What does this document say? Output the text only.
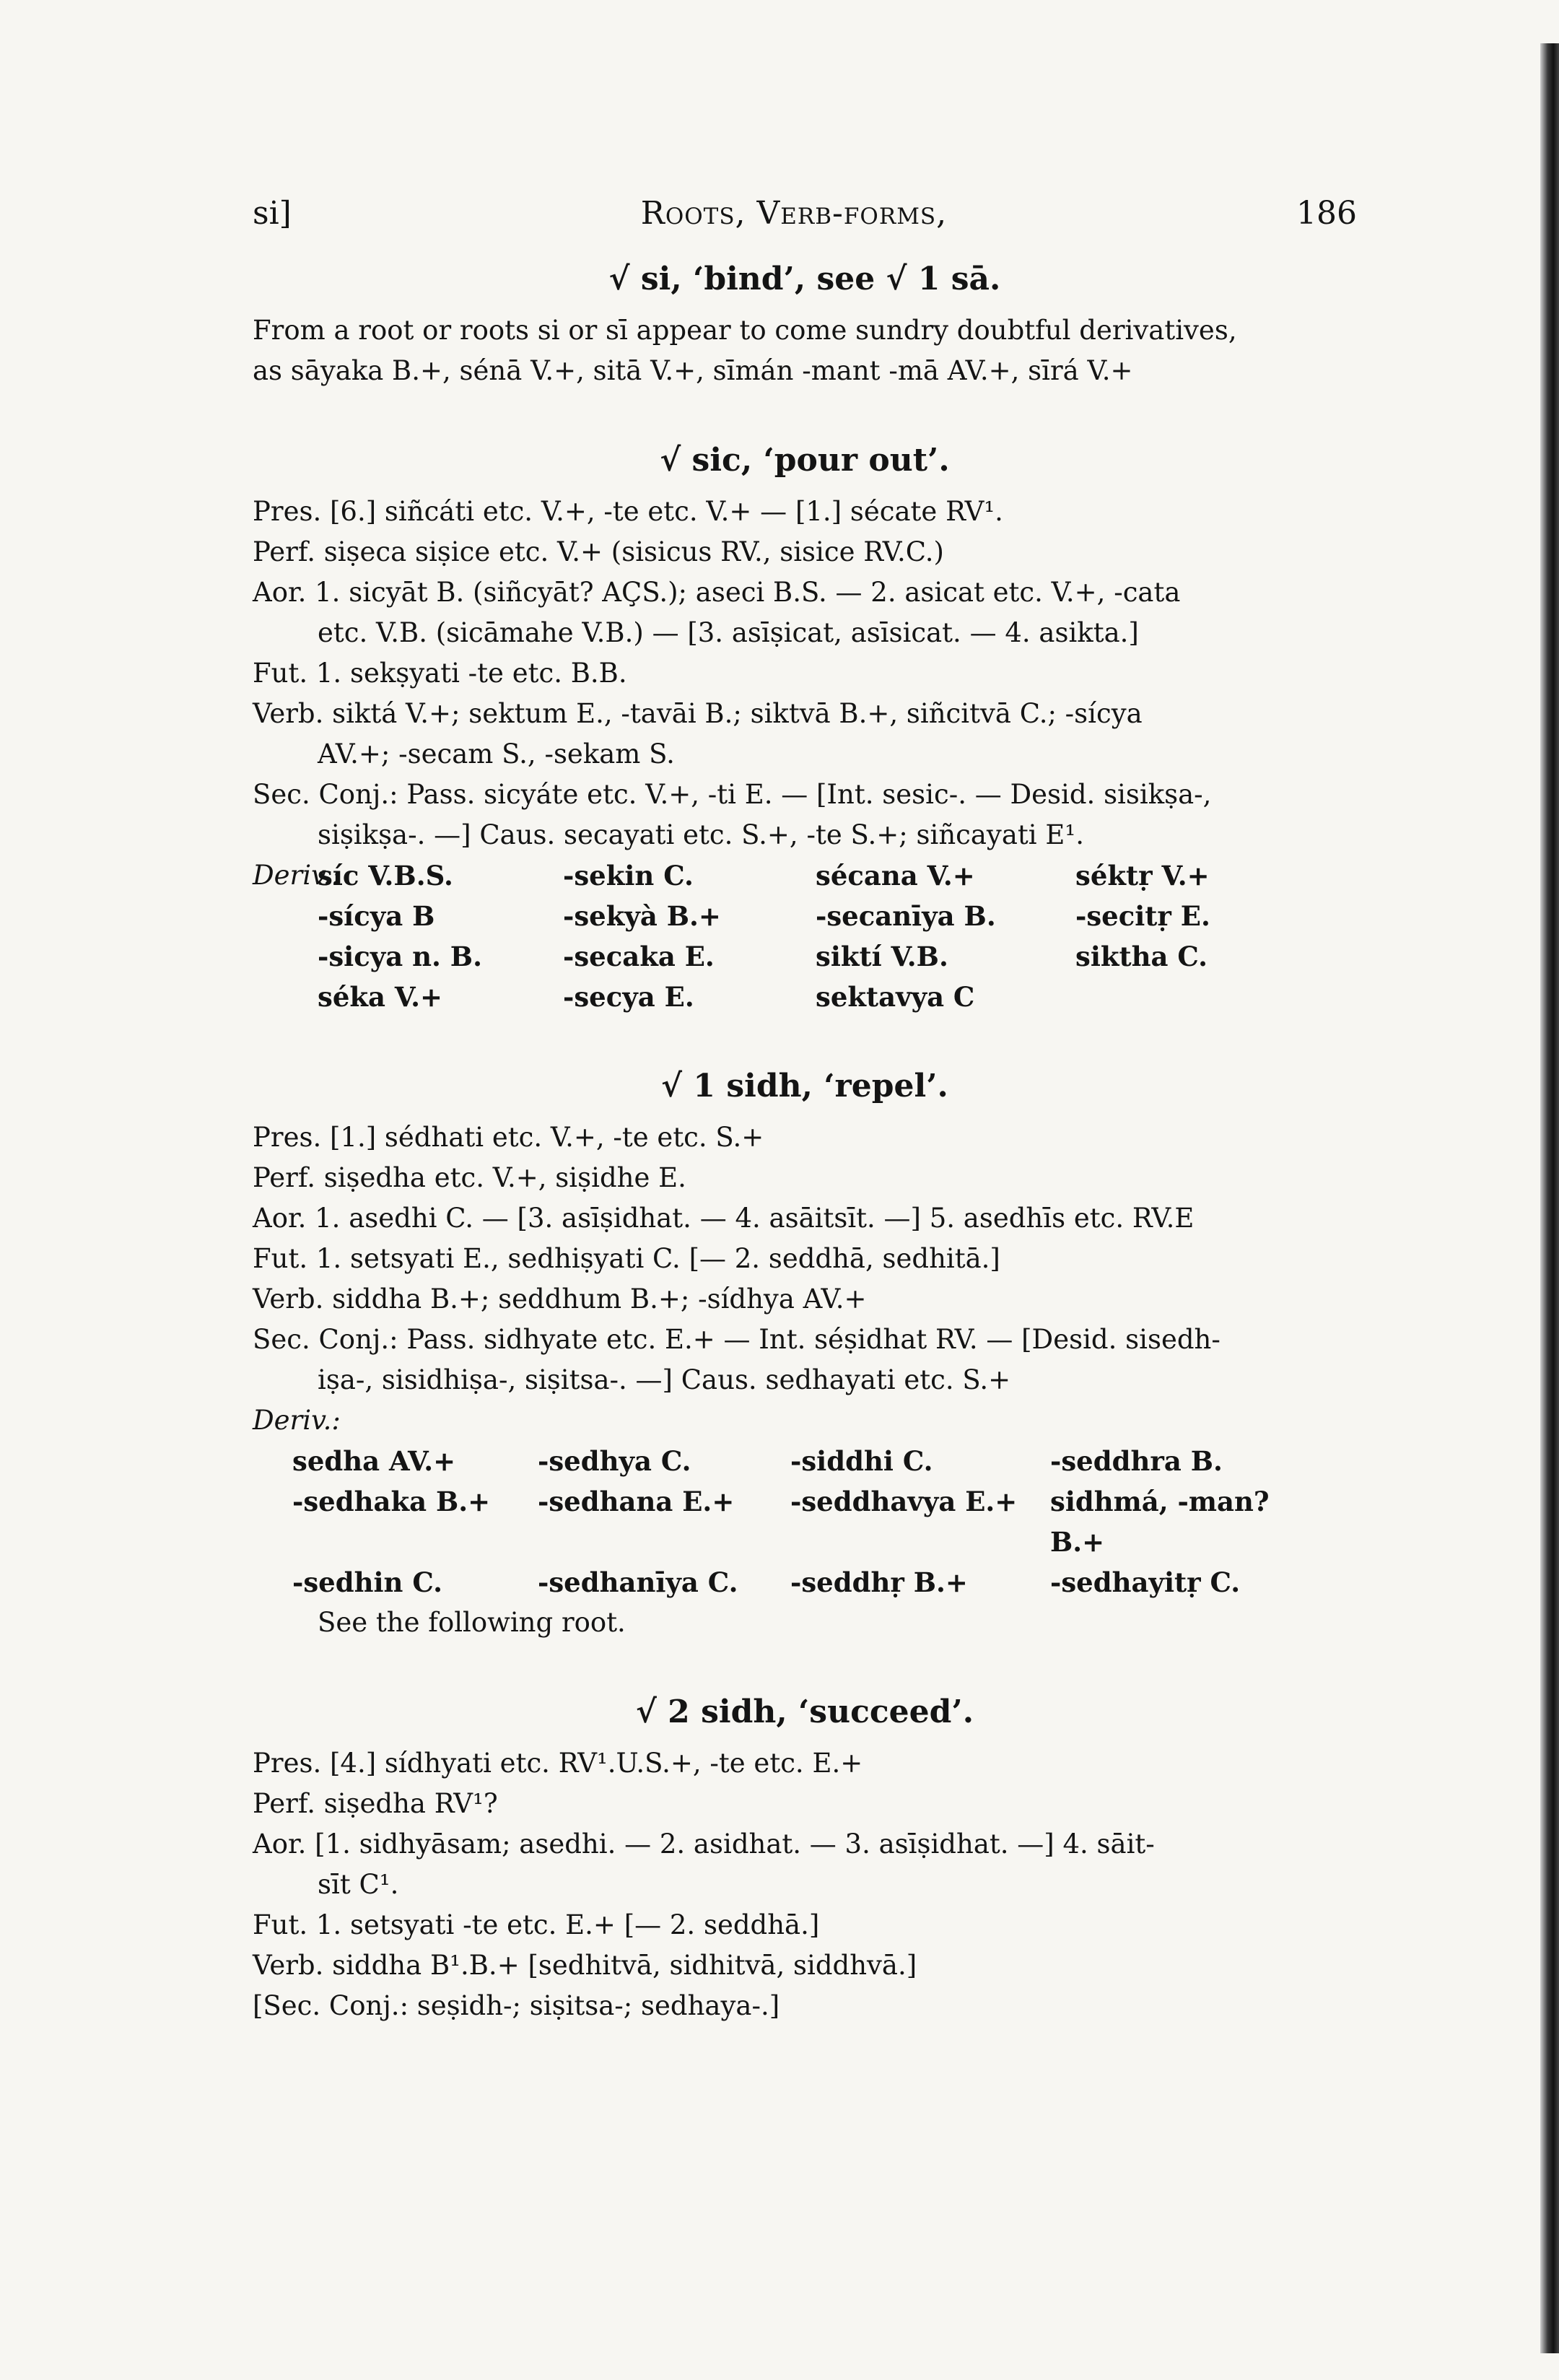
si]	Roots, Verb-forms,	186
√ si, ‘bind’, see √ 1 sā.
From a root or roots si or sī appear to come sundry doubtful derivatives,
as sāyaka B.+, sénā V.+, sitā V.+, sīmán -mant -mā AV.+, sīrá V.+
√ sic, ‘pour out’.
Pres. [6.] siñcáti etc. V.+, -te etc. V.+ — [1.] sécate RV¹.
Perf. siṣeca siṣice etc. V.+ (sisicus RV., sisice RV.C.)
Aor. 1. sicyāt B. (siñcyāt? AÇS.); aseci B.S. — 2. asicat etc. V.+, -cata
etc. V.B. (sicāmahe V.B.) — [3. asīṣicat, asīsicat. — 4. asikta.]
Fut. 1. sekṣyati -te etc. B.B.
Verb. siktá V.+; sektum E., -tavāi B.; siktvā B.+, siñcitvā C.; -sícya
AV.+; -secam S., -sekam S.
Sec. Conj.: Pass. sicyáte etc. V.+, -ti E. — [Int. sesic-. — Desid. sisikṣa-,
siṣikṣa-. —] Caus. secayati etc. S.+, -te S.+; siñcayati E¹.
Deriv.:
síc V.B.S.	-sekin C.	sécana V.+	séktṛ V.+
-sícya B	-sekyà B.+	-secanīya B.	-secitṛ E.
-sicya n. B.	-secaka E.	siktí V.B.	siktha C.
séka V.+	-secya E.	sektavya C
√ 1 sidh, ‘repel’.
Pres. [1.] sédhati etc. V.+, -te etc. S.+
Perf. siṣedha etc. V.+, siṣidhe E.
Aor. 1. asedhi C. — [3. asīṣidhat. — 4. asāitsīt. —] 5. asedhīs etc. RV.E
Fut. 1. setsyati E., sedhiṣyati C. [— 2. seddhā, sedhitā.]
Verb. siddha B.+; seddhum B.+; -sídhya AV.+
Sec. Conj.: Pass. sidhyate etc. E.+ — Int. séṣidhat RV. — [Desid. sisedh-
iṣa-, sisidhiṣa-, siṣitsa-. —] Caus. sedhayati etc. S.+
Deriv.:
sedha AV.+	-sedhya C.	-siddhi C.	-seddhra B.
-sedhaka B.+	-sedhana E.+	-seddhavya E.+	sidhmá, -man? B.+
-sedhin C.	-sedhanīya C.	-seddhṛ B.+	-sedhayitṛ C.
See the following root.
√ 2 sidh, ‘succeed’.
Pres. [4.] sídhyati etc. RV¹.U.S.+, -te etc. E.+
Perf. siṣedha RV¹?
Aor. [1. sidhyāsam; asedhi. — 2. asidhat. — 3. asīṣidhat. —] 4. sāit-
sīt C¹.
Fut. 1. setsyati -te etc. E.+ [— 2. seddhā.]
Verb. siddha B¹.B.+ [sedhitvā, sidhitvā, siddhvā.]
[Sec. Conj.: seṣidh-; siṣitsa-; sedhaya-.]
